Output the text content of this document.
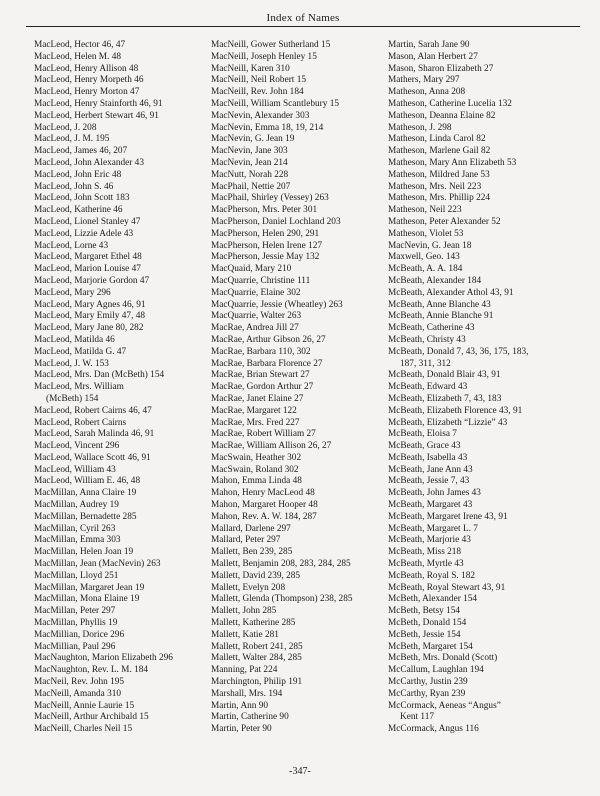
Index of Names
MacLeod, Hector 46, 47
MacLeod, Helen M. 48
MacLeod, Henry Allison 48
MacLeod, Henry Morpeth 46
MacLeod, Henry Morton 47
MacLeod, Henry Stainforth 46, 91
MacLeod, Herbert Stewart 46, 91
MacLeod, J. 208
MacLeod, J. M. 195
MacLeod, James 46, 207
MacLeod, John Alexander 43
MacLeod, John Eric 48
MacLeod, John S. 46
MacLeod, John Scott 183
MacLeod, Katherine 46
MacLeod, Lionel Stanley 47
MacLeod, Lizzie Adele 43
MacLeod, Lorne 43
MacLeod, Margaret Ethel 48
MacLeod, Marion Louise 47
MacLeod, Marjorie Gordon 47
MacLeod, Mary 296
MacLeod, Mary Agnes 46, 91
MacLeod, Mary Emily 47, 48
MacLeod, Mary Jane 80, 282
MacLeod, Matilda 46
MacLeod, Matilda G. 47
MacLeod, J. W. 153
MacLeod, Mrs. Dan (McBeth) 154
MacLeod, Mrs. William
(McBeth) 154
MacLeod, Robert Cairns 46, 47
MacLeod, Robert Cairns
MacLeod, Sarah Malinda 46, 91
MacLeod, Vincent 296
MacLeod, Wallace Scott 46, 91
MacLeod, William 43
MacLeod, William E. 46, 48
MacMillan, Anna Claire 19
MacMillan, Audrey 19
MacMillan, Bernadette 285
MacMillan, Cyril 263
MacMillan, Emma 303
MacMillan, Helen Joan 19
MacMillan, Jean (MacNevin) 263
MacMillan, Lloyd 251
MacMillan, Margaret Jean 19
MacMillan, Mona Elaine 19
MacMillan, Peter 297
MacMillan, Phyllis 19
MacMillian, Dorice 296
MacMillian, Paul 296
MacNaughton, Marion Elizabeth 296
MacNaughton, Rev. L. M. 184
MacNeil, Rev. John 195
MacNeill, Amanda 310
MacNeill, Annie Laurie 15
MacNeill, Arthur Archibald 15
MacNeill, Charles Neil 15
MacNeill, Gower Sutherland 15
MacNeill, Joseph Henley 15
MacNeill, Karen 310
MacNeill, Neil Robert 15
MacNeill, Rev. John 184
MacNeill, William Scantlebury 15
MacNevin, Alexander 303
MacNevin, Emma 18, 19, 214
MacNevin, G. Jean 19
MacNevin, Jane 303
MacNevin, Jean 214
MacNutt, Norah 228
MacPhail, Nettie 207
MacPhail, Shirley (Vessey) 263
MacPherson, Mrs. Peter 301
MacPherson, Daniel Lochland 203
MacPherson, Helen 290, 291
MacPherson, Helen Irene 127
MacPherson, Jessie May 132
MacQuaid, Mary 210
MacQuarrie, Christine 111
MacQuarrie, Elaine 302
MacQuarrie, Jessie (Wheatley) 263
MacQuarrie, Walter 263
MacRae, Andrea Jill 27
MacRae, Arthur Gibson 26, 27
MacRae, Barbara 110, 302
MacRae, Barbara Florence 27
MacRae, Brian Stewart 27
MacRae, Gordon Arthur 27
MacRae, Janet Elaine 27
MacRae, Margaret 122
MacRae, Mrs. Fred 227
MacRae, Robert William 27
MacRae, William Allison 26, 27
MacSwain, Heather 302
MacSwain, Roland 302
Mahon, Emma Linda 48
Mahon, Henry MacLeod 48
Mahon, Margaret Hooper 48
Mahon, Rev. A. W. 184, 287
Mallard, Darlene 297
Mallard, Peter 297
Mallett, Ben 239, 285
Mallett, Benjamin 208, 283, 284, 285
Mallett, David 239, 285
Mallett, Evelyn 208
Mallett, Glenda (Thompson) 238, 285
Mallett, John 285
Mallett, Katherine 285
Mallett, Katie 281
Mallett, Robert 241, 285
Mallett, Walter 284, 285
Manning, Pat 224
Marchington, Philip 191
Marshall, Mrs. 194
Martin, Ann 90
Martin, Catherine 90
Martin, Peter 90
Martin, Sarah Jane 90
Mason, Alan Herbert 27
Mason, Sharon Elizabeth 27
Mathers, Mary 297
Matheson, Anna 208
Matheson, Catherine Lucelia 132
Matheson, Deanna Elaine 82
Matheson, J. 298
Matheson, Linda Carol 82
Matheson, Marlene Gail 82
Matheson, Mary Ann Elizabeth 53
Matheson, Mildred Jane 53
Matheson, Mrs. Neil 223
Matheson, Mrs. Phillip 224
Matheson, Neil 223
Matheson, Peter Alexander 52
Matheson, Violet 53
MacNevin, G. Jean 18
Maxwell, Geo. 143
McBeath, A. A. 184
McBeath, Alexander 184
McBeath, Alexander Athol 43, 91
McBeath, Anne Blanche 43
McBeath, Annie Blanche 91
McBeath, Catherine 43
McBeath, Christy 43
McBeath, Donald 7, 43, 36, 175, 183,
187, 311, 312
McBeath, Donald Blair 43, 91
McBeath, Edward 43
McBeath, Elizabeth 7, 43, 183
McBeath, Elizabeth Florence 43, 91
McBeath, Elizabeth “Lizzie” 43
McBeath, Eloisa 7
McBeath, Grace 43
McBeath, Isabella 43
McBeath, Jane Ann 43
McBeath, Jessie 7, 43
McBeath, John James 43
McBeath, Margaret 43
McBeath, Margaret Irene 43, 91
McBeath, Margaret L. 7
McBeath, Marjorie 43
McBeath, Miss 218
McBeath, Myrtle 43
McBeath, Royal S. 182
McBeath, Royal Stewart 43, 91
McBeth, Alexander 154
McBeth, Betsy 154
McBeth, Donald 154
McBeth, Jessie 154
McBeth, Margaret 154
McBeth, Mrs. Donald (Scott)
McCallum, Laughlan 194
McCarthy, Justin 239
McCarthy, Ryan 239
McCormack, Aeneas “Angus”
Kent 117
McCormack, Angus 116
-347-
